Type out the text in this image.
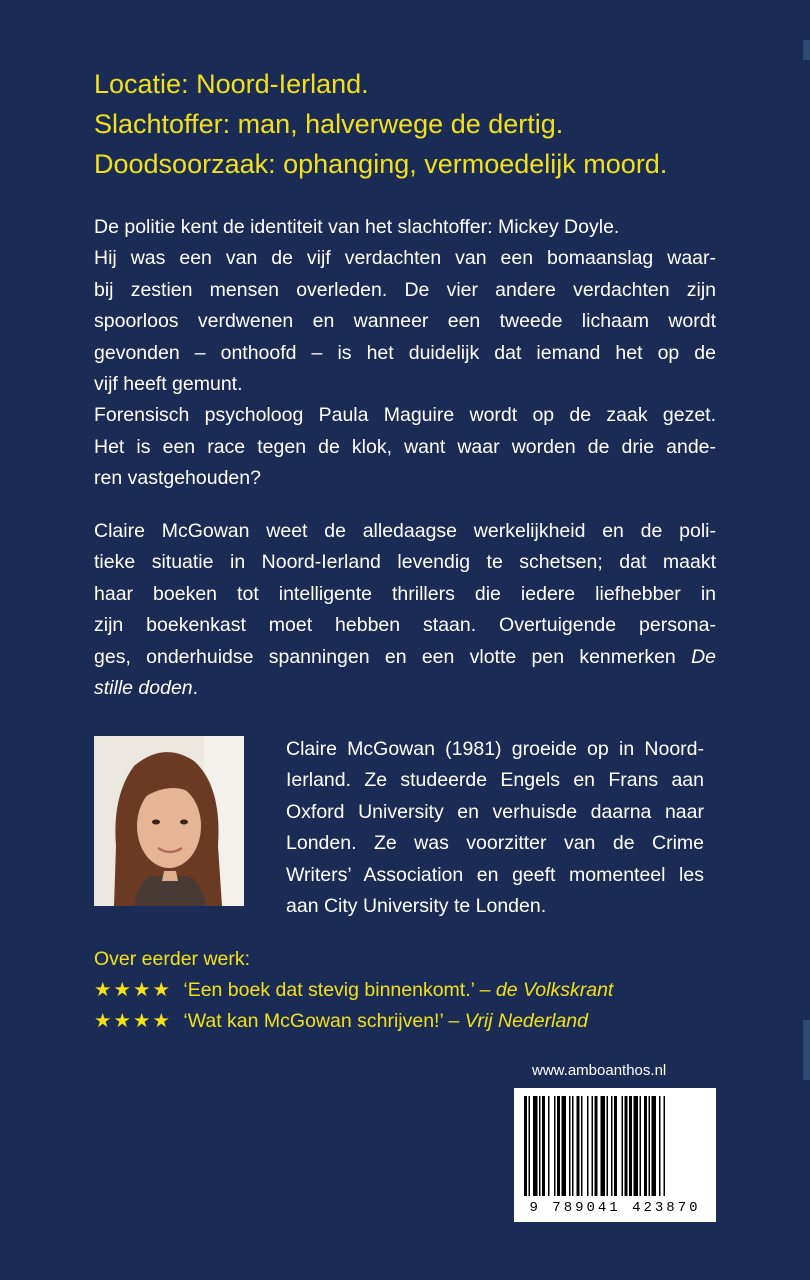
Locatie: Noord-Ierland.
Slachtoffer: man, halverwege de dertig.
Doodsoorzaak: ophanging, vermoedelijk moord.
De politie kent de identiteit van het slachtoffer: Mickey Doyle.
Hij was een van de vijf verdachten van een bomaanslag waar-
bij zestien mensen overleden. De vier andere verdachten zijn
spoorloos verdwenen en wanneer een tweede lichaam wordt
gevonden – onthoofd – is het duidelijk dat iemand het op de
vijf heeft gemunt.
Forensisch psycholoog Paula Maguire wordt op de zaak gezet.
Het is een race tegen de klok, want waar worden de drie ande-
ren vastgehouden?
Claire McGowan weet de alledaagse werkelijkheid en de poli-
tieke situatie in Noord-Ierland levendig te schetsen; dat maakt
haar boeken tot intelligente thrillers die iedere liefhebber in
zijn boekenkast moet hebben staan. Overtuigende persona-
ges, onderhuidse spanningen en een vlotte pen kenmerken De
stille doden.
Claire McGowan (1981) groeide op in Noord-
Ierland. Ze studeerde Engels en Frans aan
Oxford University en verhuisde daarna naar
Londen. Ze was voorzitter van de Crime
Writers’ Association en geeft momenteel les
aan City University te Londen.
Over eerder werk:
★★★★ ‘Een boek dat stevig binnenkomt.’ – de Volkskrant
★★★★ ‘Wat kan McGowan schrijven!’ – Vrij Nederland
www.amboanthos.nl
9 789041 423870
